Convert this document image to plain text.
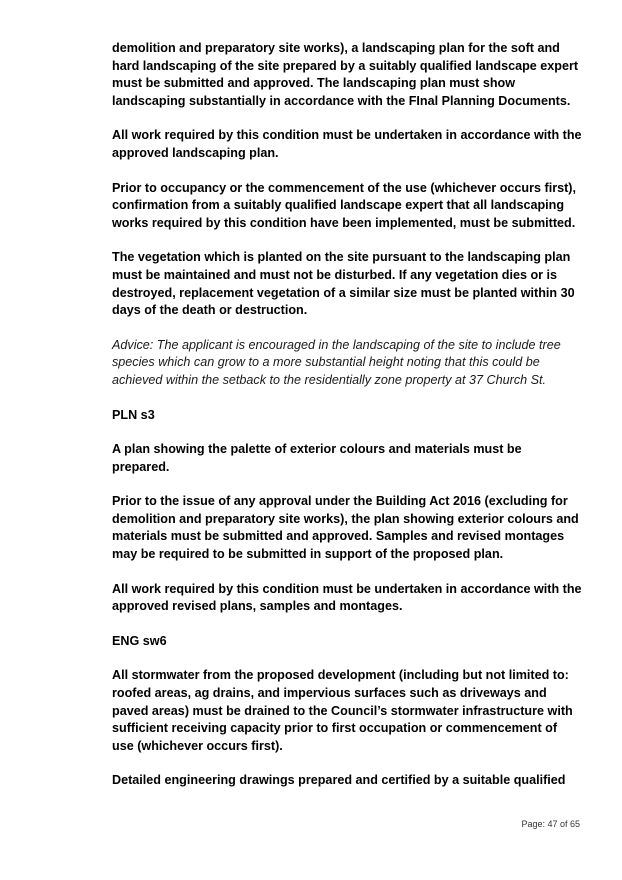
demolition and preparatory site works), a landscaping plan for the soft and hard landscaping of the site prepared by a suitably qualified landscape expert must be submitted and approved. The landscaping plan must show landscaping substantially in accordance with the FInal Planning Documents.

All work required by this condition must be undertaken in accordance with the approved landscaping plan.

Prior to occupancy or the commencement of the use (whichever occurs first), confirmation from a suitably qualified landscape expert that all landscaping works required by this condition have been implemented, must be submitted.

The vegetation which is planted on the site pursuant to the landscaping plan must be maintained and must not be disturbed. If any vegetation dies or is destroyed, replacement vegetation of a similar size must be planted within 30 days of the death or destruction.

Advice: The applicant is encouraged in the landscaping of the site to include tree species which can grow to a more substantial height noting that this could be achieved within the setback to the residentially zone property at 37 Church St.

PLN s3

A plan showing the palette of exterior colours and materials must be prepared.

Prior to the issue of any approval under the Building Act 2016 (excluding for demolition and preparatory site works), the plan showing exterior colours and materials must be submitted and approved. Samples and revised montages may be required to be submitted in support of the proposed plan.

All work required by this condition must be undertaken in accordance with the approved revised plans, samples and montages.

ENG sw6

All stormwater from the proposed development (including but not limited to: roofed areas, ag drains, and impervious surfaces such as driveways and paved areas) must be drained to the Council’s stormwater infrastructure with sufficient receiving capacity prior to first occupation or commencement of use (whichever occurs first).

Detailed engineering drawings prepared and certified by a suitable qualified

Page: 47 of 65
